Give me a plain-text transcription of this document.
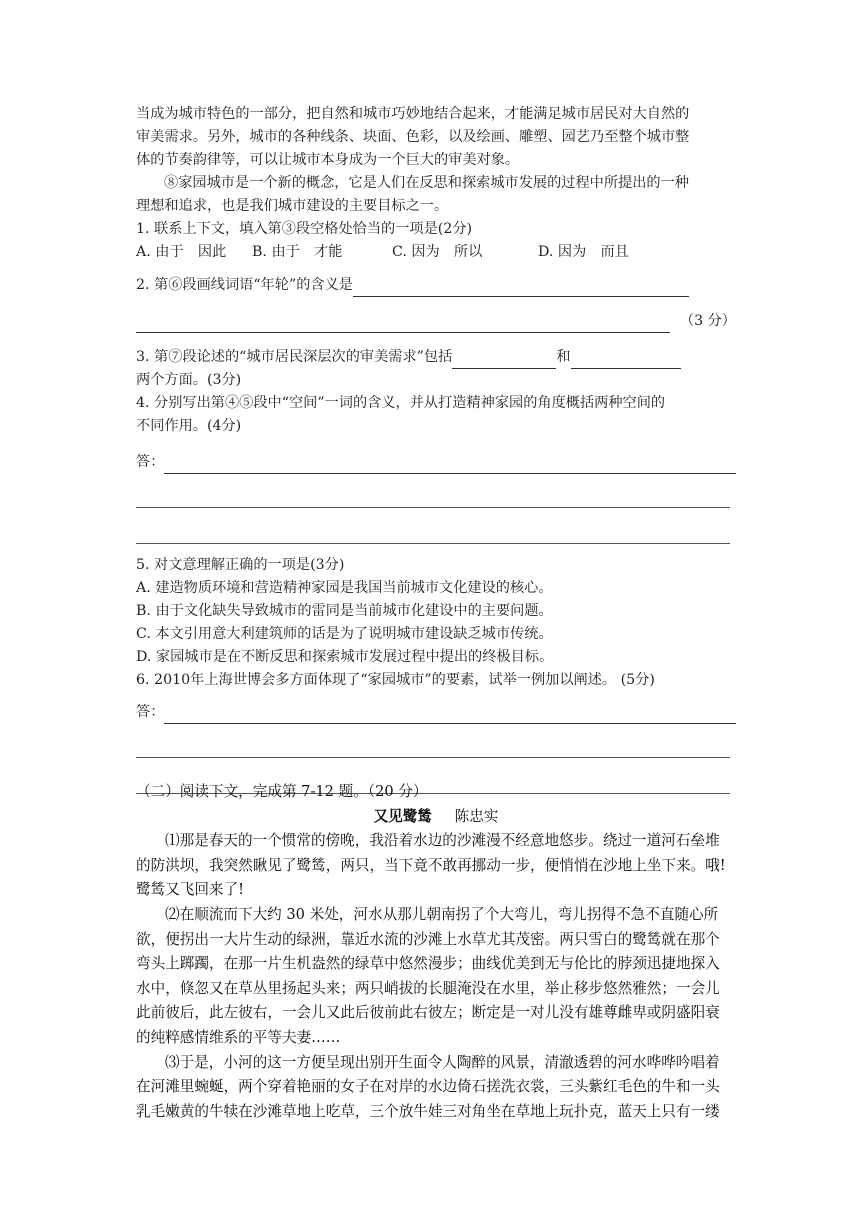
当成为城市特色的一部分，把自然和城市巧妙地结合起来，才能满足城市居民对大自然的
审美需求。另外，城市的各种线条、块面、色彩，以及绘画、雕塑、园艺乃至整个城市整
体的节奏韵律等，可以让城市本身成为一个巨大的审美对象。
⑧家园城市是一个新的概念，它是人们在反思和探索城市发展的过程中所提出的一种
理想和追求，也是我们城市建设的主要目标之一。
1. 联系上下文，填入第③段空格处恰当的一项是(2分)
A. 由于　因此	B. 由于　才能	C. 因为　所以	D. 因为　而且
2. 第⑥段画线词语“年轮”的含义是
（3 分）
3. 第⑦段论述的“城市居民深层次的审美需求”包括	和
两个方面。(3分)
4. 分别写出第④⑤段中“空间”一词的含义，并从打造精神家园的角度概括两种空间的
不同作用。(4分)
答：
5. 对文意理解正确的一项是(3分)
A. 建造物质环境和营造精神家园是我国当前城市文化建设的核心。
B. 由于文化缺失导致城市的雷同是当前城市化建设中的主要问题。
C. 本文引用意大利建筑师的话是为了说明城市建设缺乏城市传统。
D. 家园城市是在不断反思和探索城市发展过程中提出的终极目标。
6. 2010年上海世博会多方面体现了“家园城市”的要素，试举一例加以阐述。 (5分)
答：
（二）阅读下文，完成第 7-12 题。（20 分）
又见鹭鸶 陈忠实
⑴那是春天的一个惯常的傍晚，我沿着水边的沙滩漫不经意地悠步。绕过一道河石垒堆
的防洪坝，我突然瞅见了鹭鸶，两只，当下竟不敢再挪动一步，便悄悄在沙地上坐下来。哦!
鹭鸶又飞回来了!
⑵在顺流而下大约 30 米处，河水从那儿朝南拐了个大弯儿，弯儿拐得不急不直随心所
欲，便拐出一大片生动的绿洲，靠近水流的沙滩上水草尤其茂密。两只雪白的鹭鸶就在那个
弯头上踯躅，在那一片生机盎然的绿草中悠然漫步；曲线优美到无与伦比的脖颈迅捷地探入
水中，倏忽又在草丛里扬起头来；两只峭拔的长腿淹没在水里，举止移步悠然雅然；一会儿
此前彼后，此左彼右，一会儿又此后彼前此右彼左；断定是一对儿没有雄尊雌卑或阴盛阳衰
的纯粹感情维系的平等夫妻……
⑶于是，小河的这一方便呈现出别开生面令人陶醉的风景，清澈透碧的河水哗哗吟唱着
在河滩里蜿蜒，两个穿着艳丽的女子在对岸的水边倚石搓洗衣裳，三头紫红毛色的牛和一头
乳毛嫩黄的牛犊在沙滩草地上吃草，三个放牛娃三对角坐在草地上玩扑克，蓝天上只有一缕
